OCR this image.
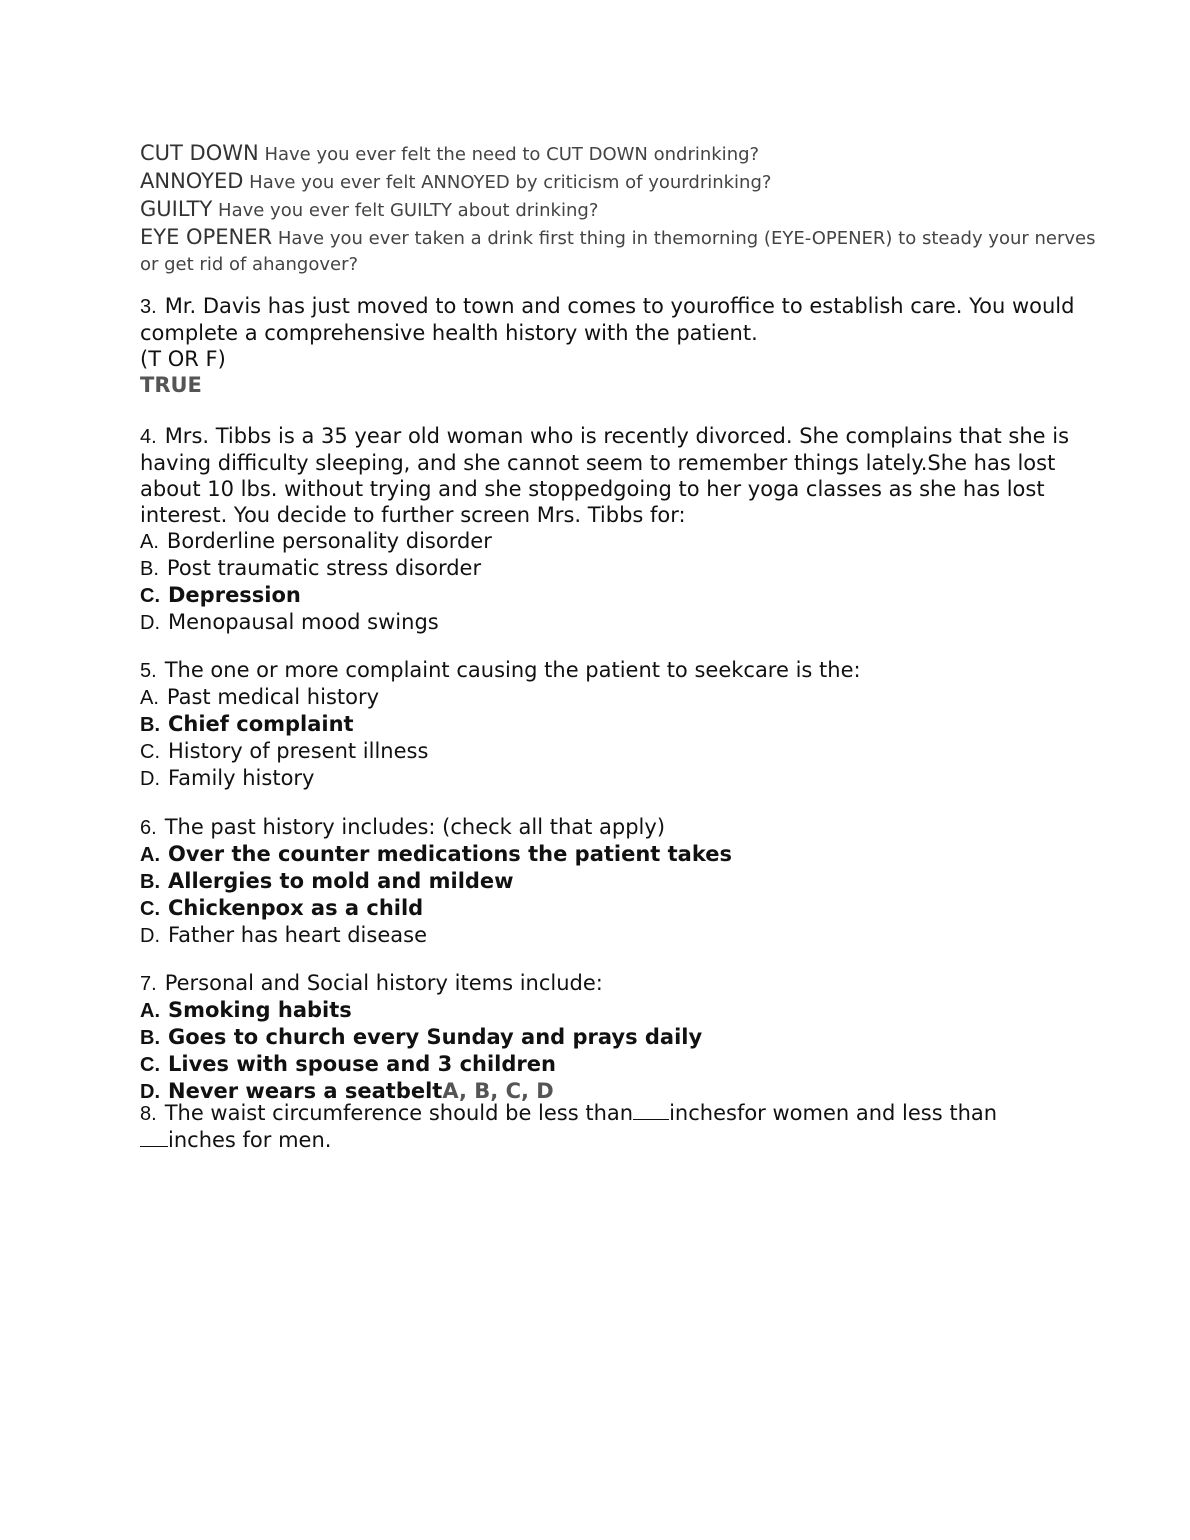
CUT DOWN Have you ever felt the need to CUT DOWN ondrinking?
ANNOYED Have you ever felt ANNOYED by criticism of yourdrinking?
GUILTY Have you ever felt GUILTY about drinking?
EYE OPENER Have you ever taken a drink first thing in themorning (EYE-OPENER) to steady your nerves or get rid of ahangover?
3. Mr. Davis has just moved to town and comes to youroffice to establish care. You would complete a comprehensive health history with the patient.
(T OR F)
TRUE
4. Mrs. Tibbs is a 35 year old woman who is recently divorced. She complains that she is having difficulty sleeping, and she cannot seem to remember things lately.She has lost about 10 lbs. without trying and she stoppedgoing to her yoga classes as she has lost interest. You decide to further screen Mrs. Tibbs for:
A. Borderline personality disorder
B. Post traumatic stress disorder
C. Depression
D. Menopausal mood swings
5. The one or more complaint causing the patient to seekcare is the:
A. Past medical history
B. Chief complaint
C. History of present illness
D. Family history
6. The past history includes: (check all that apply)
A. Over the counter medications the patient takes
B. Allergies to mold and mildew
C. Chickenpox as a child
D. Father has heart disease
7. Personal and Social history items include:
A. Smoking habits
B. Goes to church every Sunday and prays daily
C. Lives with spouse and 3 children
D. Never wears a seatbeltA, B, C, D
8. The waist circumference should be less than inchesfor women and less than
inches for men.
